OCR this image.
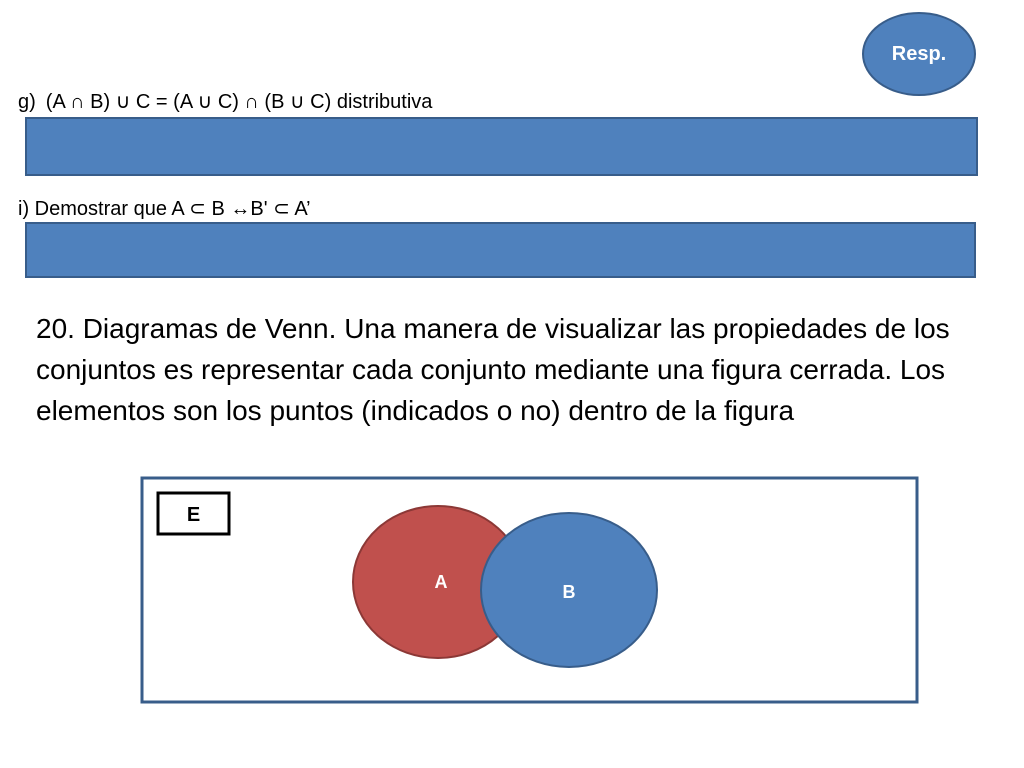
Resp.
g) (A ∩ B) ∪ C = (A ∪ C) ∩ (B ∪ C) distributiva
i) Demostrar que A ⊂ B ↔B' ⊂ A’

20. Diagramas de Venn. Una manera de visualizar las propiedades de los conjuntos es representar cada conjunto mediante una figura cerrada. Los elementos son los puntos (indicados o no) dentro de la figura

E
A	B
